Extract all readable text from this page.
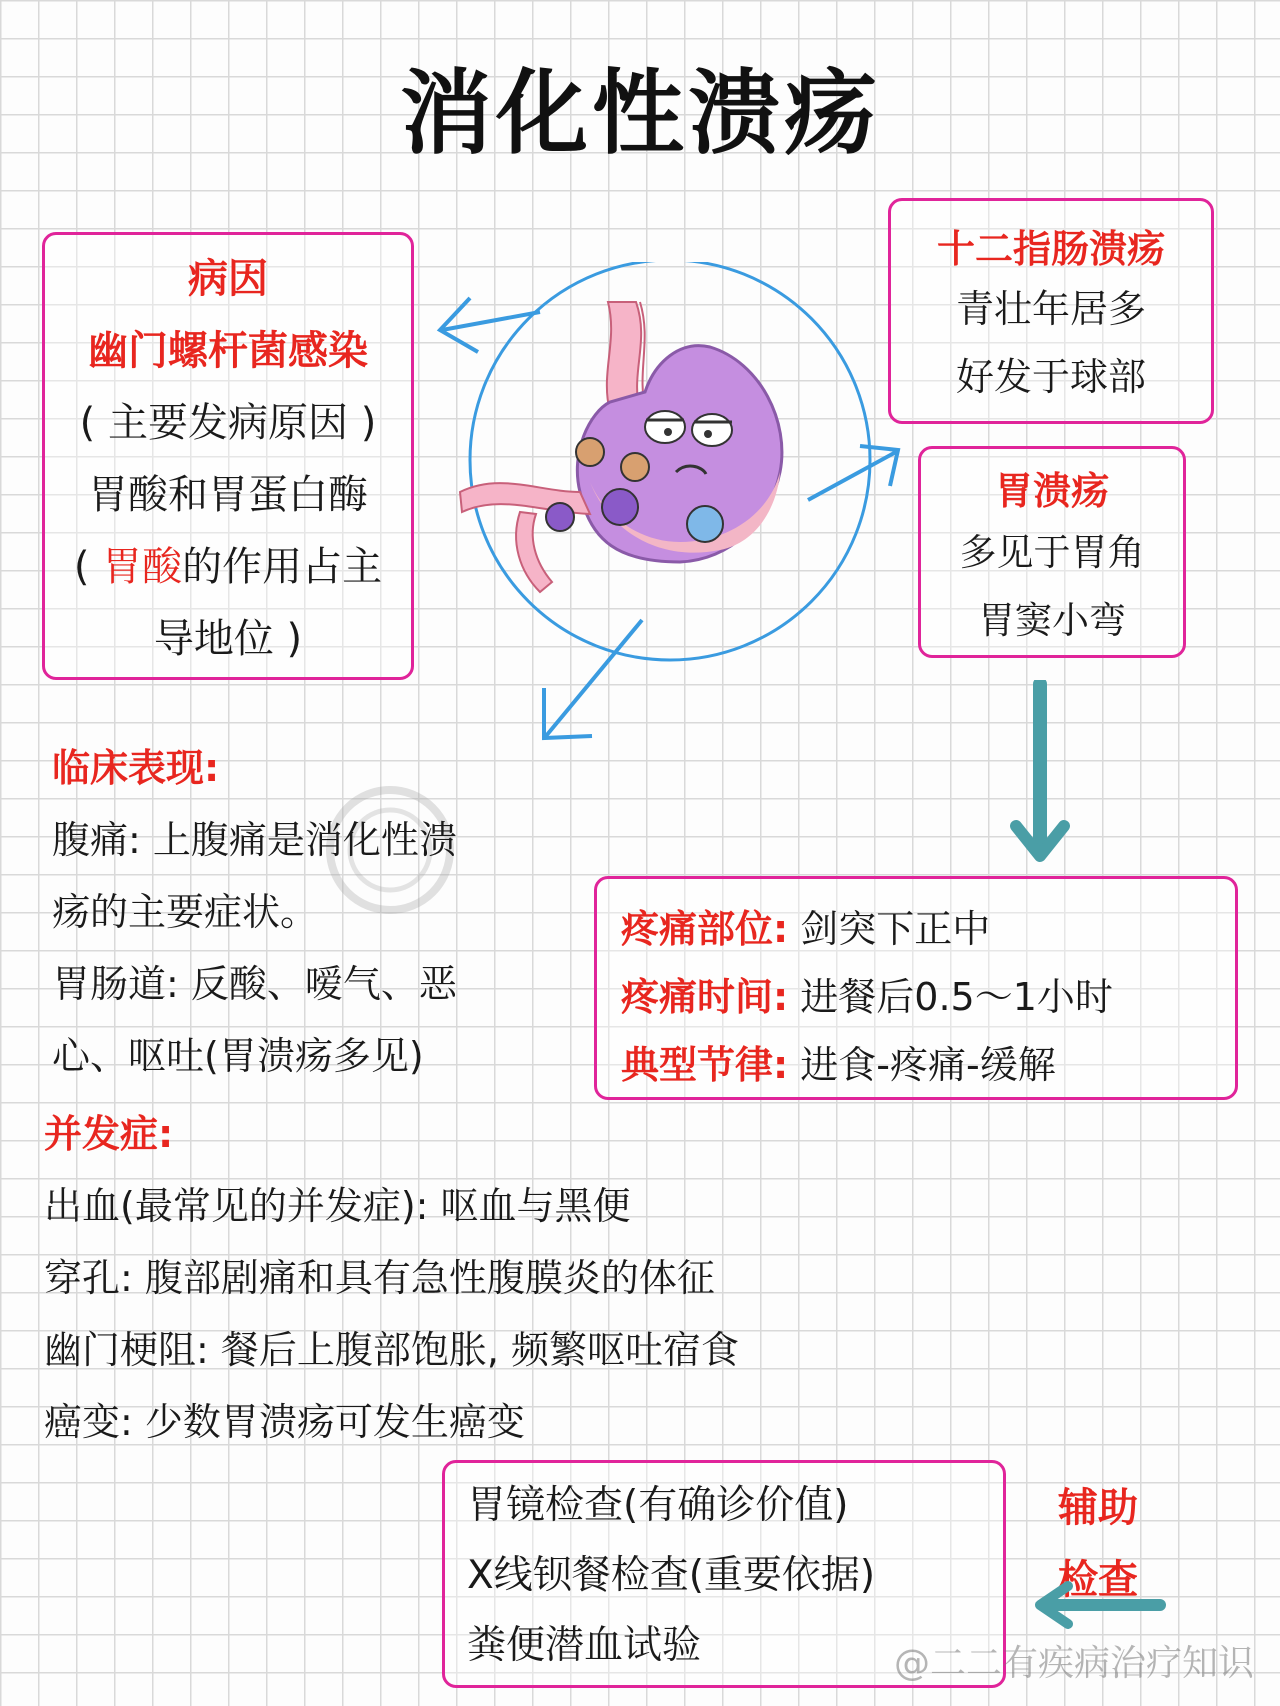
消化性溃疡
病因
幽门螺杆菌感染
( 主要发病原因 )
胃酸和胃蛋白酶
( 胃酸的作用占主
导地位 )
十二指肠溃疡
青壮年居多
好发于球部
胃溃疡
多见于胃角
胃窦小弯
临床表现:
腹痛: 上腹痛是消化性溃
疡的主要症状。
胃肠道: 反酸、嗳气、恶
心、呕吐(胃溃疡多见)
疼痛部位: 剑突下正中
疼痛时间: 进餐后0.5～1小时
典型节律: 进食-疼痛-缓解
并发症:
出血(最常见的并发症): 呕血与黑便
穿孔: 腹部剧痛和具有急性腹膜炎的体征
幽门梗阻: 餐后上腹部饱胀, 频繁呕吐宿食
癌变: 少数胃溃疡可发生癌变
胃镜检查(有确诊价值)
X线钡餐检查(重要依据)
粪便潜血试验
辅助
检查
@二二有疾病治疗知识
